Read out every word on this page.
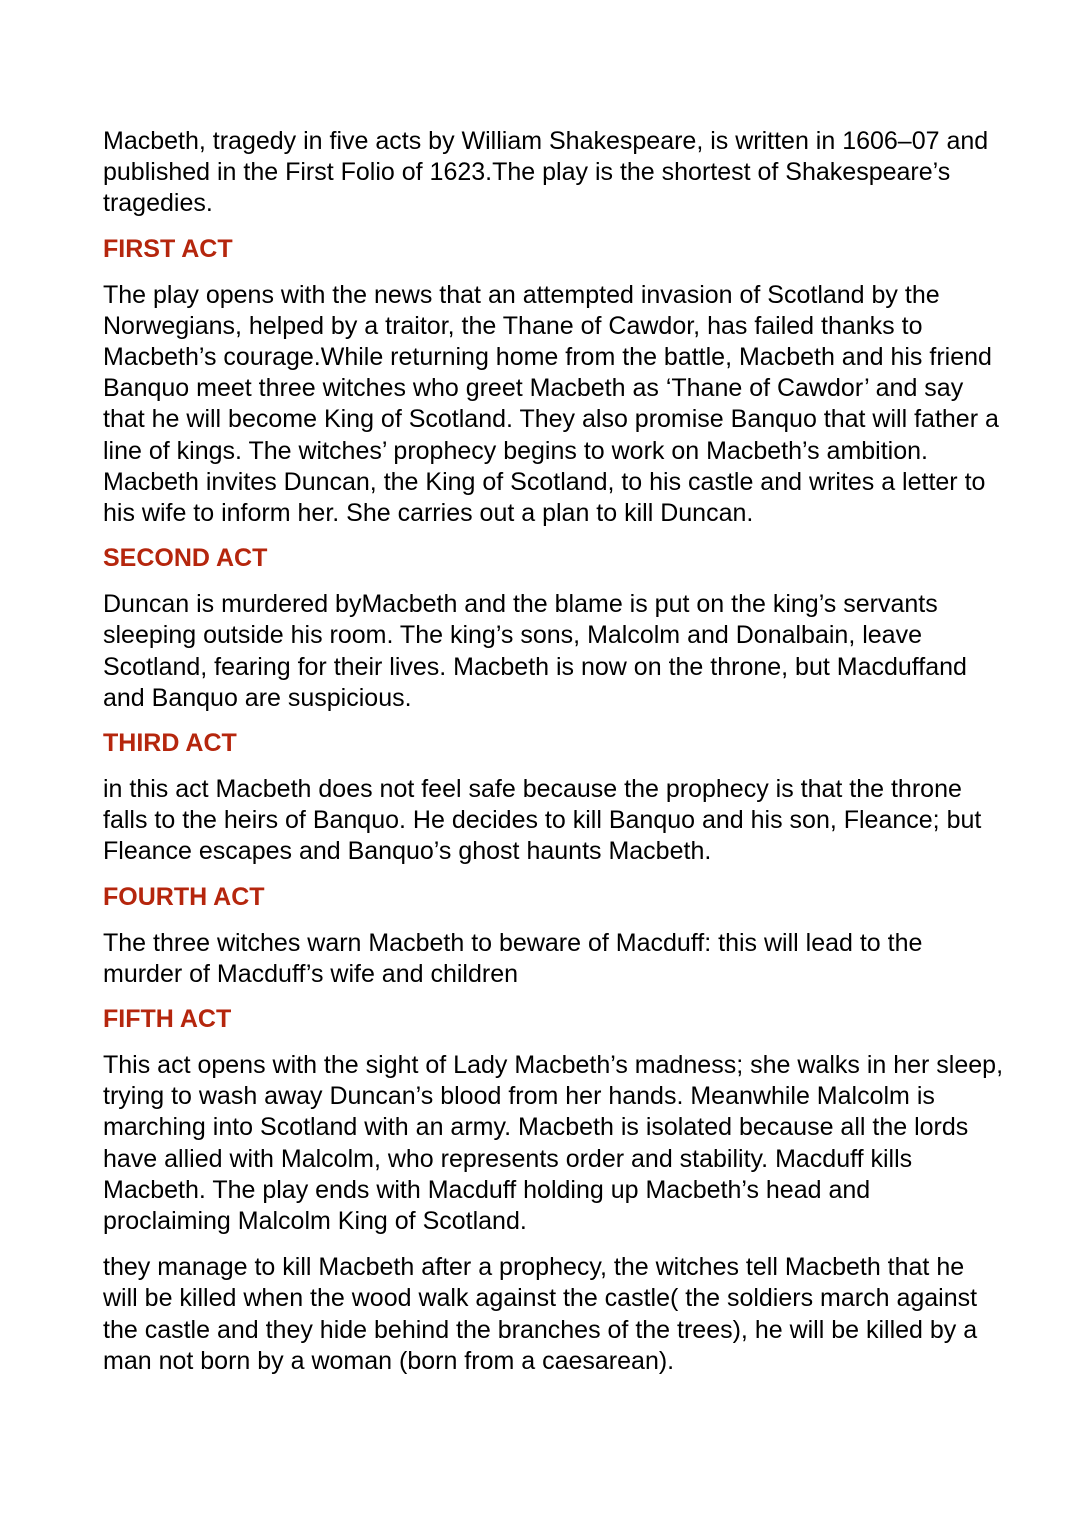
Macbeth, tragedy in five acts by William Shakespeare, is written in 1606–07 and published in the First Folio of 1623.The play is the shortest of Shakespeare’s tragedies.

FIRST ACT

The play opens with the news that an attempted invasion of Scotland by the Norwegians, helped by a traitor, the Thane of Cawdor, has failed thanks to Macbeth’s courage.While returning home from the battle, Macbeth and his friend Banquo meet three witches who greet Macbeth as ‘Thane of Cawdor’ and say that he will become King of Scotland. They also promise Banquo that will father a line of kings. The witches’ prophecy begins to work on Macbeth’s ambition. Macbeth invites Duncan, the King of Scotland, to his castle and writes a letter to his wife to inform her. She carries out a plan to kill Duncan.

SECOND ACT

Duncan is murdered byMacbeth and the blame is put on the king’s servants sleeping outside his room. The king’s sons, Malcolm and Donalbain, leave Scotland, fearing for their lives. Macbeth is now on the throne, but Macduffand and Banquo are suspicious.

THIRD ACT

in this act Macbeth does not feel safe because the prophecy is that the throne falls to the heirs of Banquo. He decides to kill Banquo and his son, Fleance; but Fleance escapes and Banquo’s ghost haunts Macbeth.

FOURTH ACT

The three witches warn Macbeth to beware of Macduff: this will lead to the murder of Macduff’s wife and children

FIFTH ACT

This act opens with the sight of Lady Macbeth’s madness; she walks in her sleep, trying to wash away Duncan’s blood from her hands. Meanwhile Malcolm is marching into Scotland with an army. Macbeth is isolated because all the lords have allied with Malcolm, who represents order and stability. Macduff kills Macbeth. The play ends with Macduff holding up Macbeth’s head and proclaiming Malcolm King of Scotland.

they manage to kill Macbeth after a prophecy, the witches tell Macbeth that he will be killed when the wood walk against the castle( the soldiers march against the castle and they hide behind the branches of the trees), he will be killed by a man not born by a woman (born from a caesarean).
